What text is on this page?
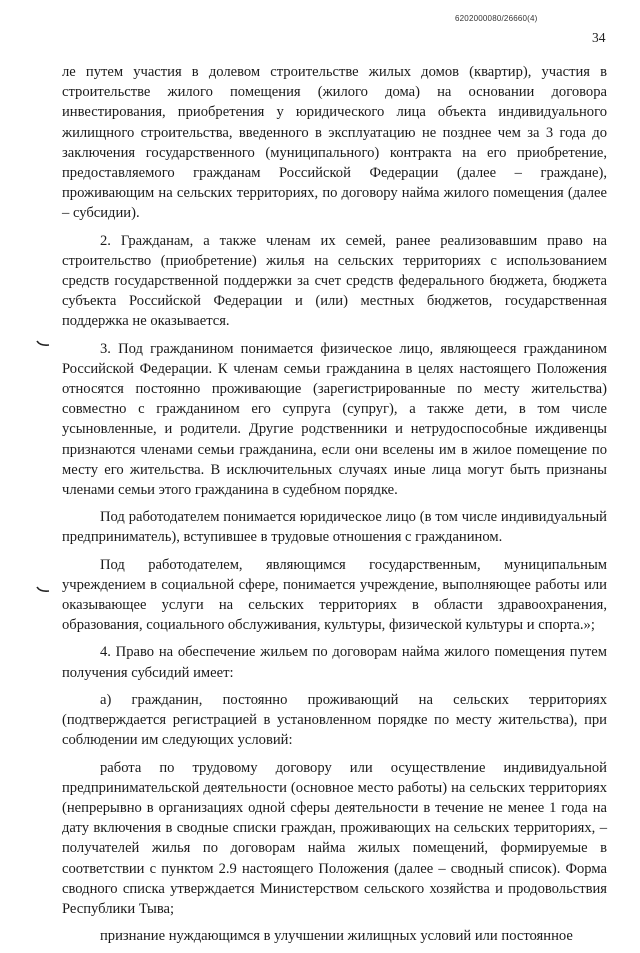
6202000080/26660(4)
34

ле путем участия в долевом строительстве жилых домов (квартир), участия в строительстве жилого помещения (жилого дома) на основании договора инвестирования, приобретения у юридического лица объекта индивидуального жилищного строительства, введенного в эксплуатацию не позднее чем за 3 года до заключения государственного (муниципального) контракта на его приобретение, предоставляемого гражданам Российской Федерации (далее – граждане), проживающим на сельских территориях, по договору найма жилого помещения (далее – субсидии).

2. Гражданам, а также членам их семей, ранее реализовавшим право на строительство (приобретение) жилья на сельских территориях с использованием средств государственной поддержки за счет средств федерального бюджета, бюджета субъекта Российской Федерации и (или) местных бюджетов, государственная поддержка не оказывается.

3. Под гражданином понимается физическое лицо, являющееся гражданином Российской Федерации. К членам семьи гражданина в целях настоящего Положения относятся постоянно проживающие (зарегистрированные по месту жительства) совместно с гражданином его супруга (супруг), а также дети, в том числе усыновленные, и родители. Другие родственники и нетрудоспособные иждивенцы признаются членами семьи гражданина, если они вселены им в жилое помещение по месту его жительства. В исключительных случаях иные лица могут быть признаны членами семьи этого гражданина в судебном порядке.

Под работодателем понимается юридическое лицо (в том числе индивидуальный предприниматель), вступившее в трудовые отношения с гражданином.

Под работодателем, являющимся государственным, муниципальным учреждением в социальной сфере, понимается учреждение, выполняющее работы или оказывающее услуги на сельских территориях в области здравоохранения, образования, социального обслуживания, культуры, физической культуры и спорта.»;

4. Право на обеспечение жильем по договорам найма жилого помещения путем получения субсидий имеет:

а) гражданин, постоянно проживающий на сельских территориях (подтверждается регистрацией в установленном порядке по месту жительства), при соблюдении им следующих условий:

работа по трудовому договору или осуществление индивидуальной предпринимательской деятельности (основное место работы) на сельских территориях (непрерывно в организациях одной сферы деятельности в течение не менее 1 года на дату включения в сводные списки граждан, проживающих на сельских территориях, – получателей жилья по договорам найма жилых помещений, формируемые в соответствии с пунктом 2.9 настоящего Положения (далее – сводный список). Форма сводного списка утверждается Министерством сельского хозяйства и продовольствия Республики Тыва;

признание нуждающимся в улучшении жилищных условий или постоянное
